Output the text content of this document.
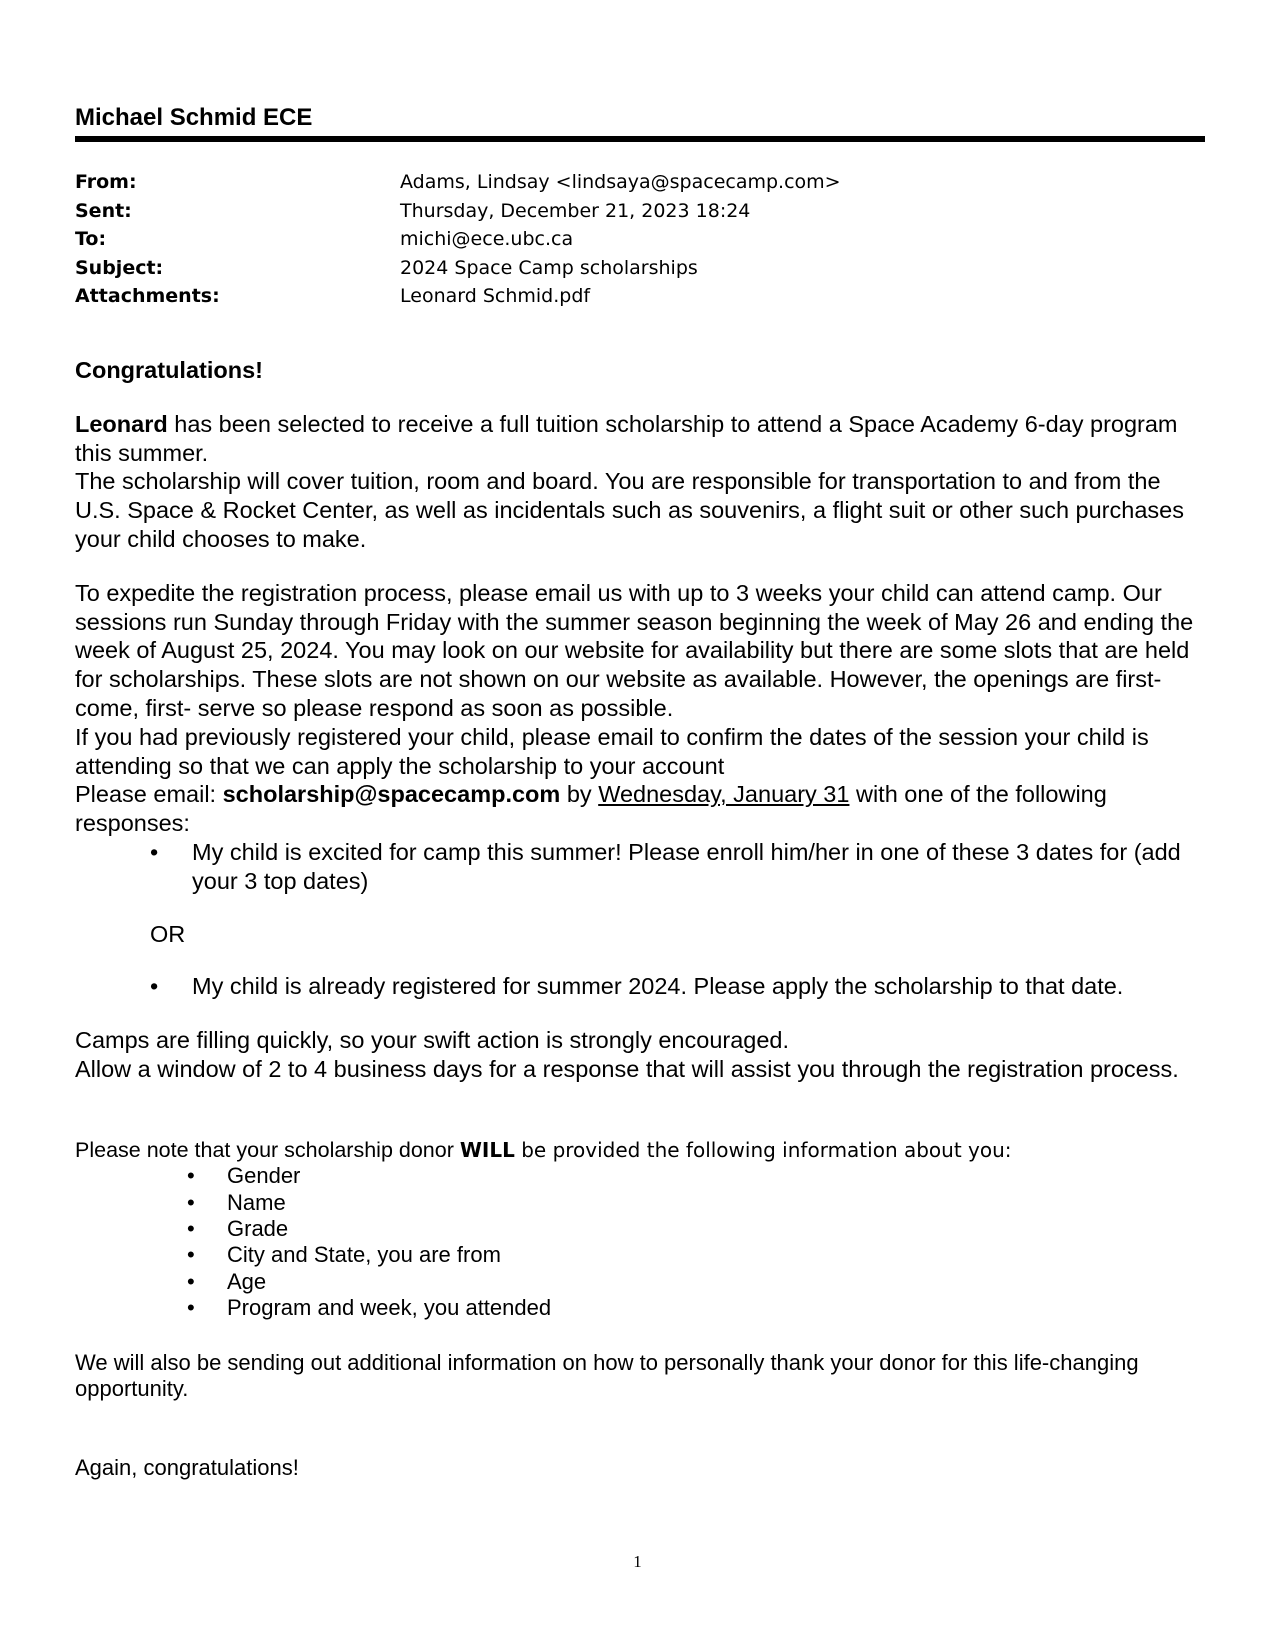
Michael Schmid ECE
From:	Adams, Lindsay <lindsaya@spacecamp.com>
Sent:	Thursday, December 21, 2023 18:24
To:	michi@ece.ubc.ca
Subject:	2024 Space Camp scholarships
Attachments:	Leonard Schmid.pdf

Congratulations!

Leonard has been selected to receive a full tuition scholarship to attend a Space Academy 6-day program this summer.

The scholarship will cover tuition, room and board. You are responsible for transportation to and from the U.S. Space & Rocket Center, as well as incidentals such as souvenirs, a flight suit or other such purchases your child chooses to make.

To expedite the registration process, please email us with up to 3 weeks your child can attend camp. Our sessions run Sunday through Friday with the summer season beginning the week of May 26 and ending the week of August 25, 2024. You may look on our website for availability but there are some slots that are held for scholarships. These slots are not shown on our website as available. However, the openings are first-come, first- serve so please respond as soon as possible.

If you had previously registered your child, please email to confirm the dates of the session your child is attending so that we can apply the scholarship to your account

Please email: scholarship@spacecamp.com by Wednesday, January 31 with one of the following responses:

• My child is excited for camp this summer! Please enroll him/her in one of these 3 dates for (add your 3 top dates)

OR

• My child is already registered for summer 2024. Please apply the scholarship to that date.

Camps are filling quickly, so your swift action is strongly encouraged.

Allow a window of 2 to 4 business days for a response that will assist you through the registration process.

Please note that your scholarship donor WILL be provided the following information about you:

• Gender
• Name
• Grade
• City and State, you are from
• Age
• Program and week, you attended

We will also be sending out additional information on how to personally thank your donor for this life-changing opportunity.

Again, congratulations!

1
